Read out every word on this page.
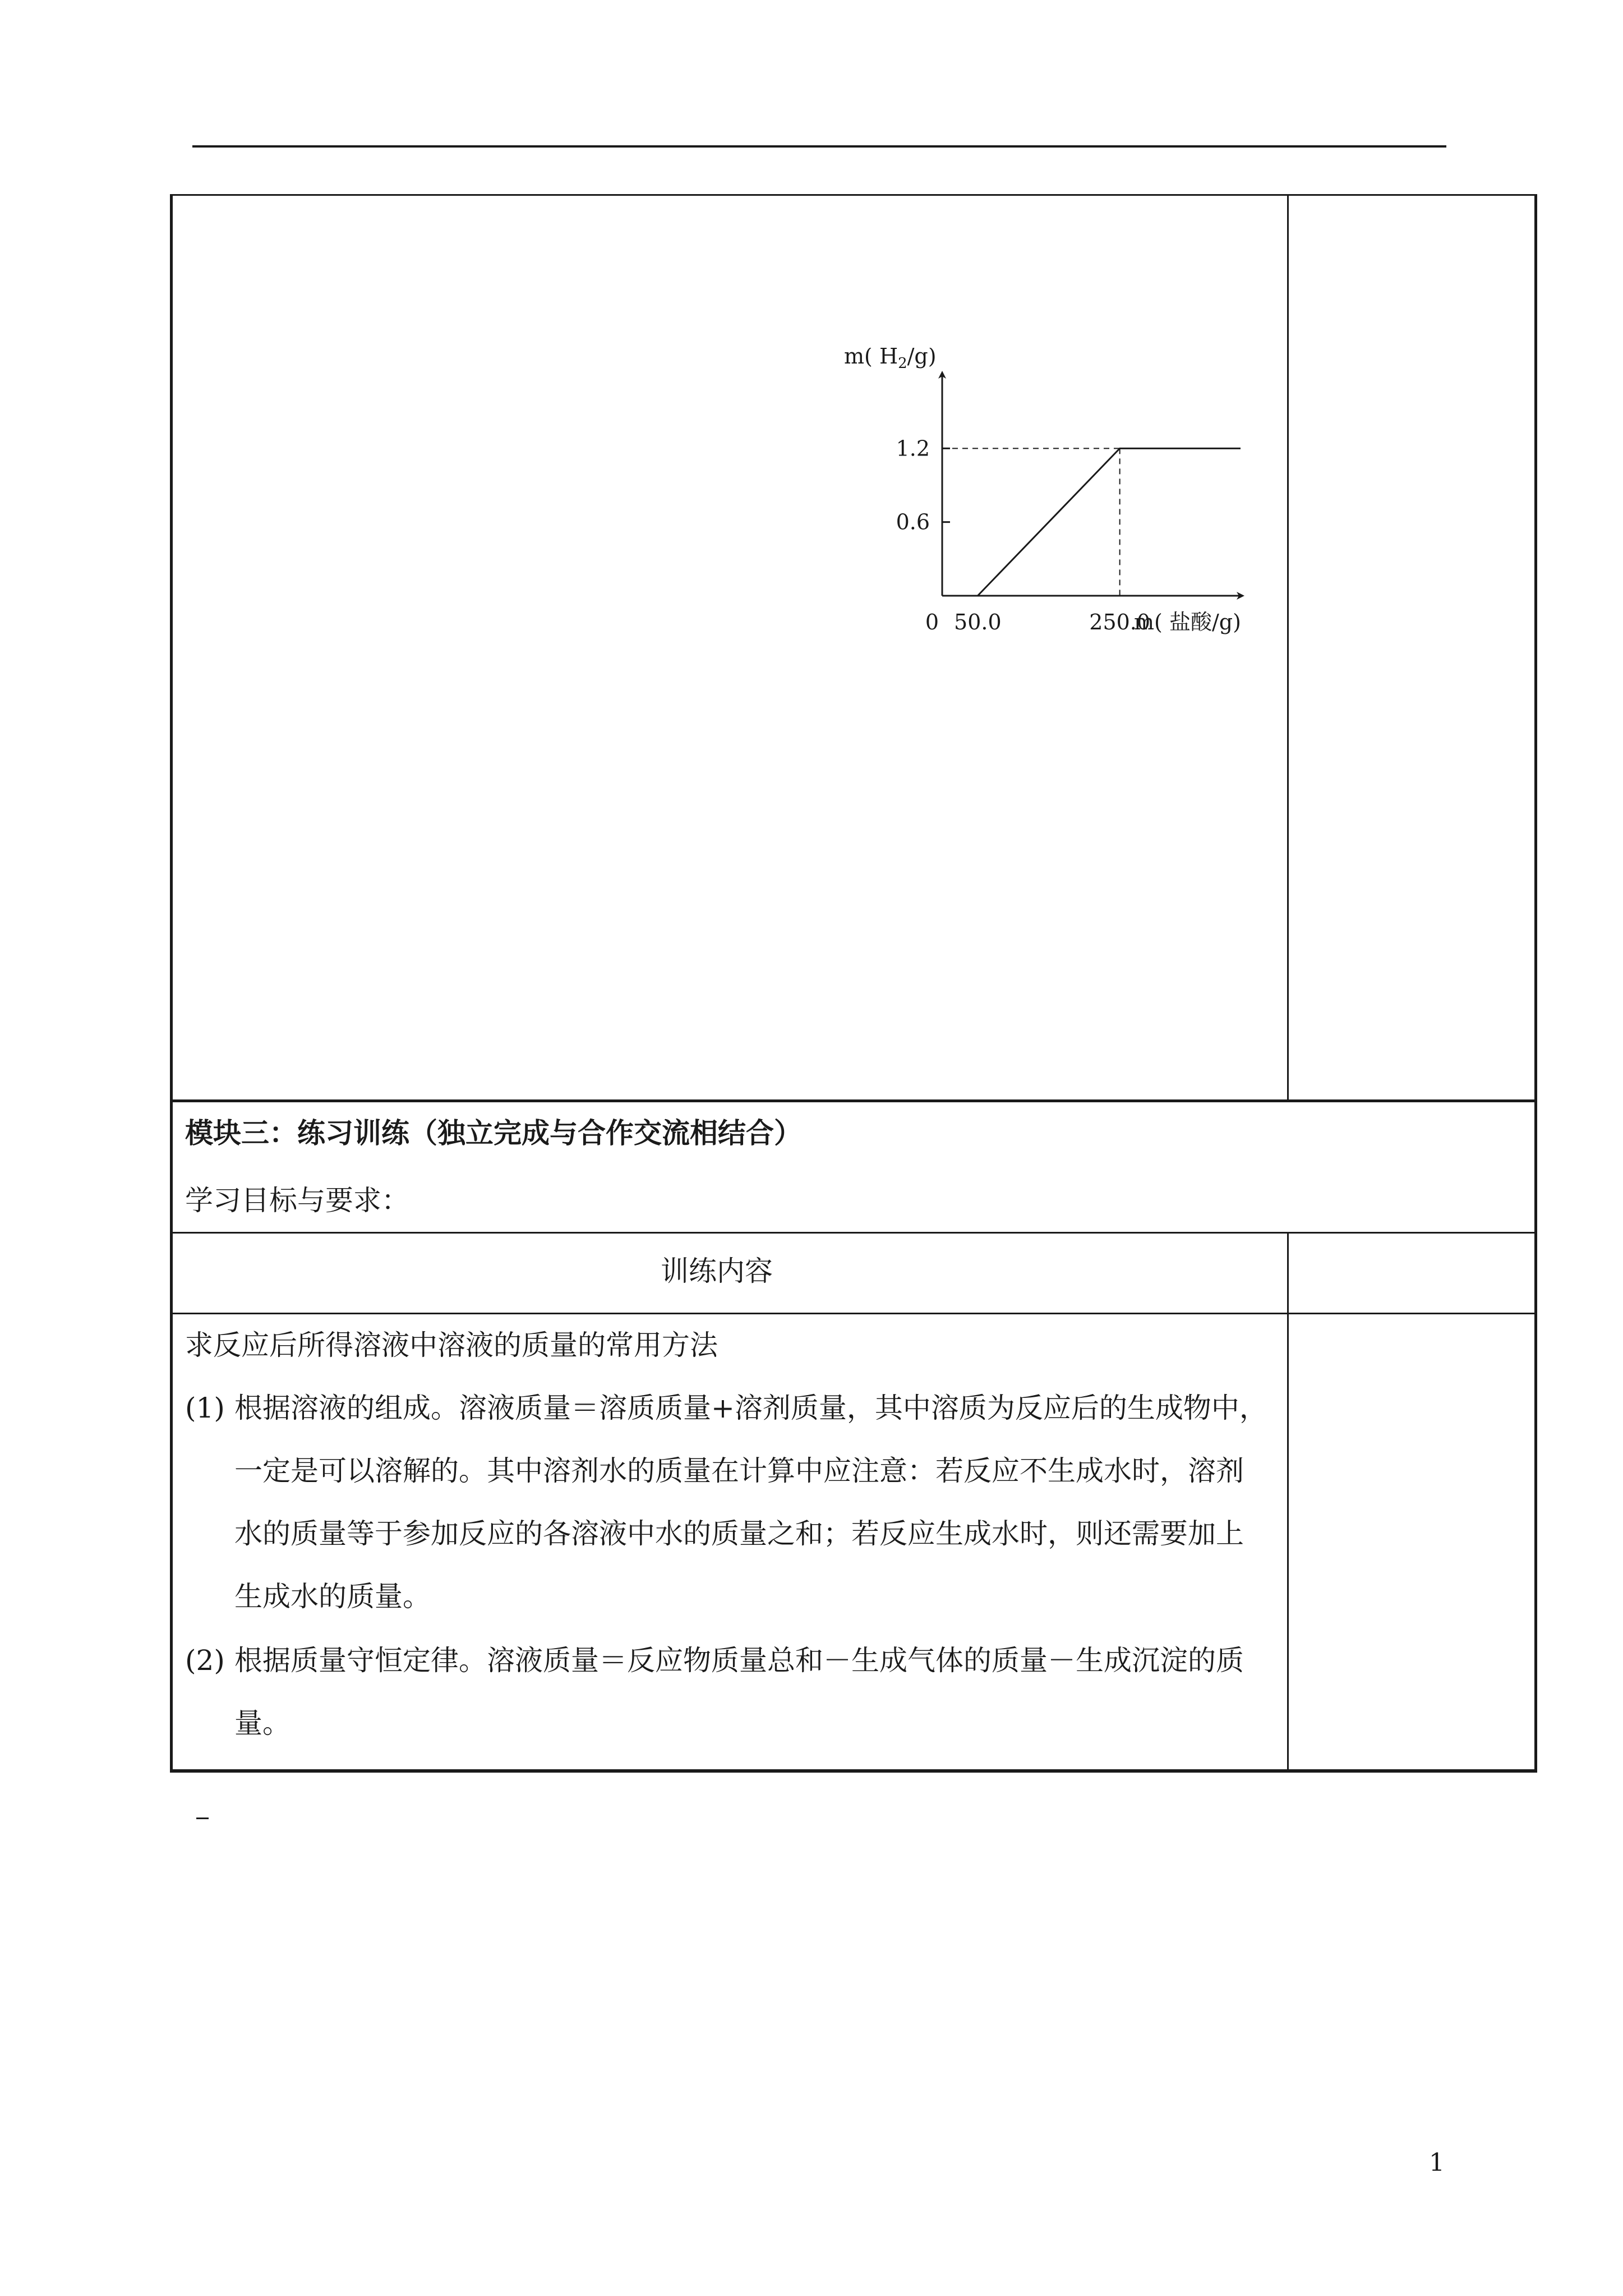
m( $H_2/g$)
m( 盐酸/g)
1.2
0.6
0 50.0	250.0
模块三：练习训练（独立完成与合作交流相结合）
学习目标与要求：
训练内容
求反应后所得溶液中溶液的质量的常用方法
(1) 根据溶液的组成。溶液质量＝溶质质量+溶剂质量，其中溶质为反应后的生成物中，
一定是可以溶解的。其中溶剂水的质量在计算中应注意：若反应不生成水时，溶剂
水的质量等于参加反应的各溶液中水的质量之和；若反应生成水时，则还需要加上
生成水的质量。
(2) 根据质量守恒定律。溶液质量＝反应物质量总和－生成气体的质量－生成沉淀的质
量。
1
